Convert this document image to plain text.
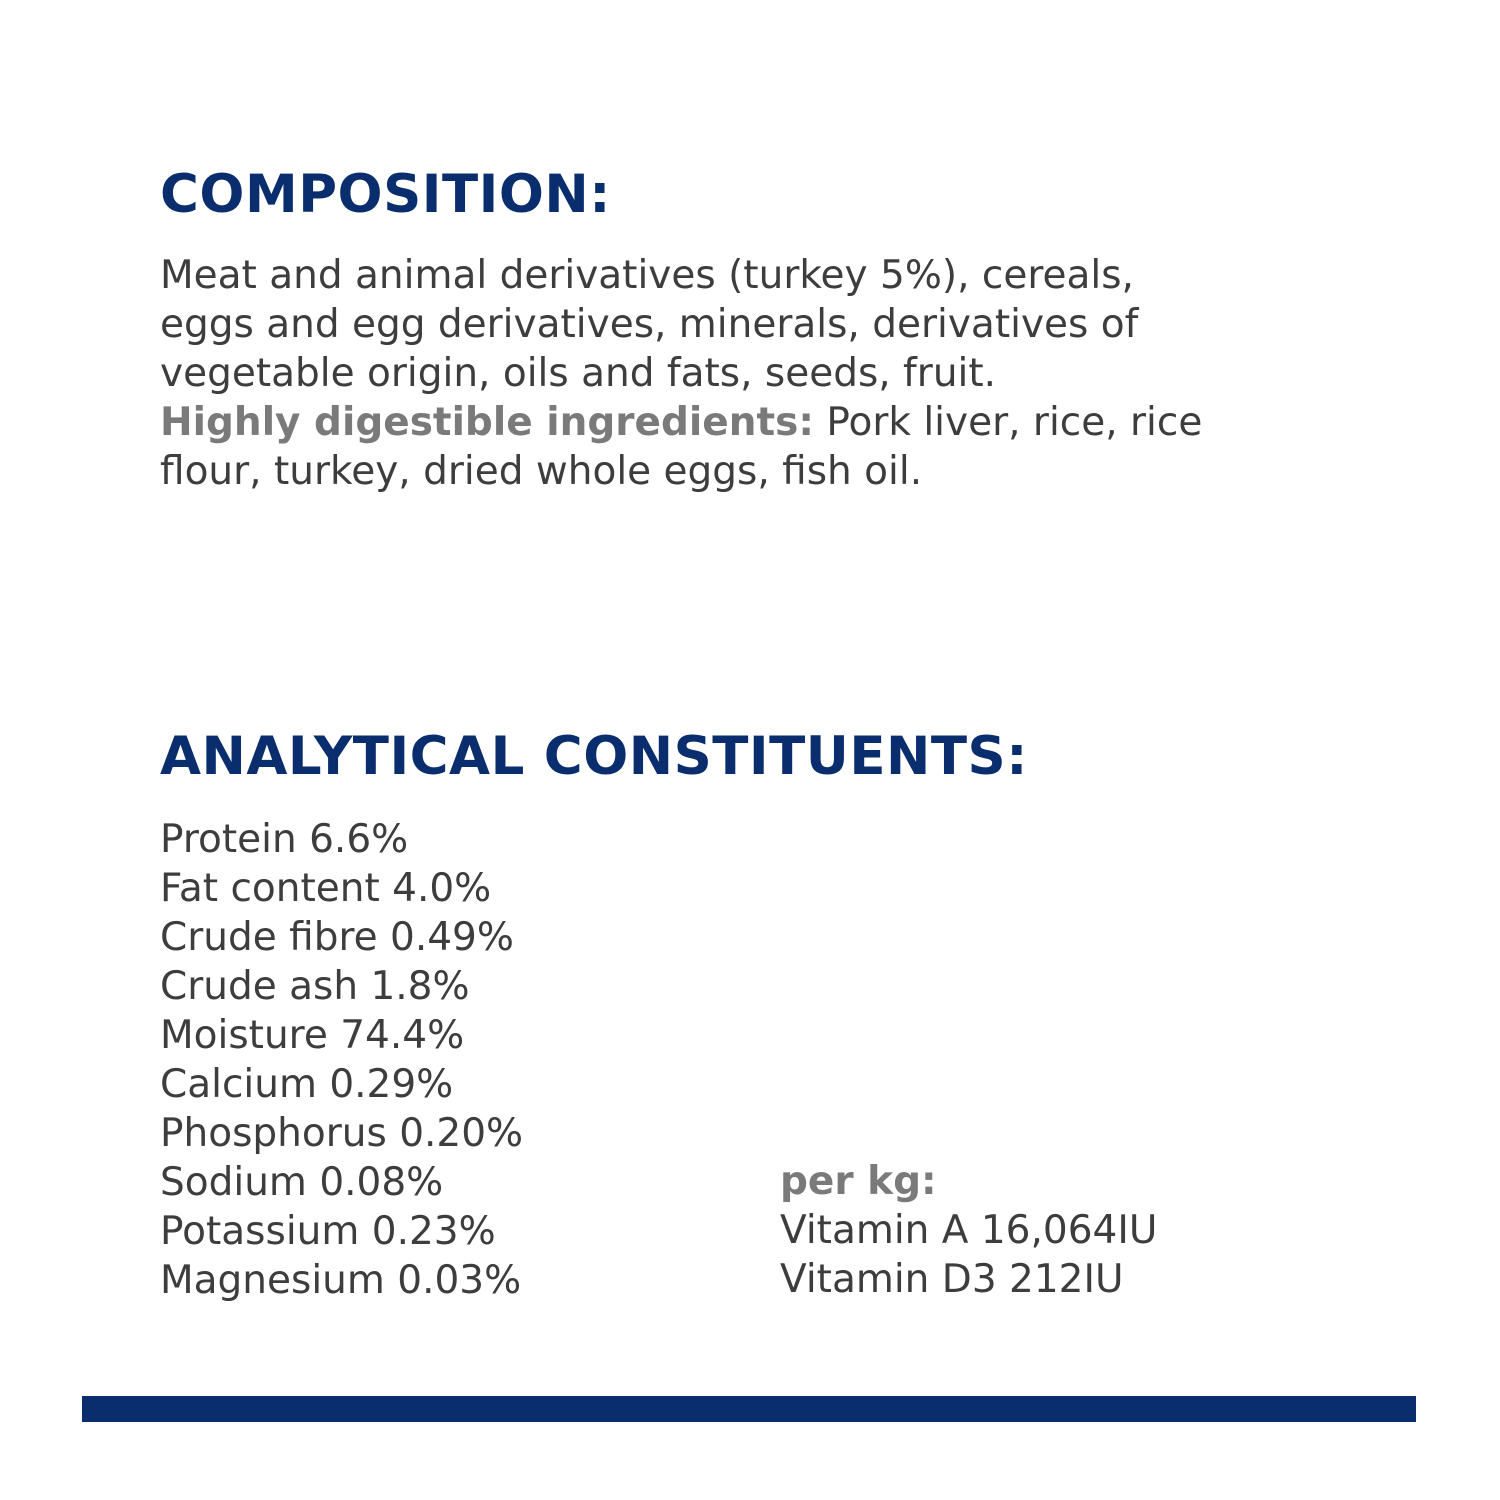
COMPOSITION:
Meat and animal derivatives (turkey 5%), cereals,
eggs and egg derivatives, minerals, derivatives of
vegetable origin, oils and fats, seeds, fruit.
Highly digestible ingredients: Pork liver, rice, rice
flour, turkey, dried whole eggs, fish oil.
ANALYTICAL CONSTITUENTS:
Protein 6.6%
Fat content 4.0%
Crude fibre 0.49%
Crude ash 1.8%
Moisture 74.4%
Calcium 0.29%
Phosphorus 0.20%
Sodium 0.08%
Potassium 0.23%
Magnesium 0.03%
per kg:
Vitamin A 16,064IU
Vitamin D3 212IU
